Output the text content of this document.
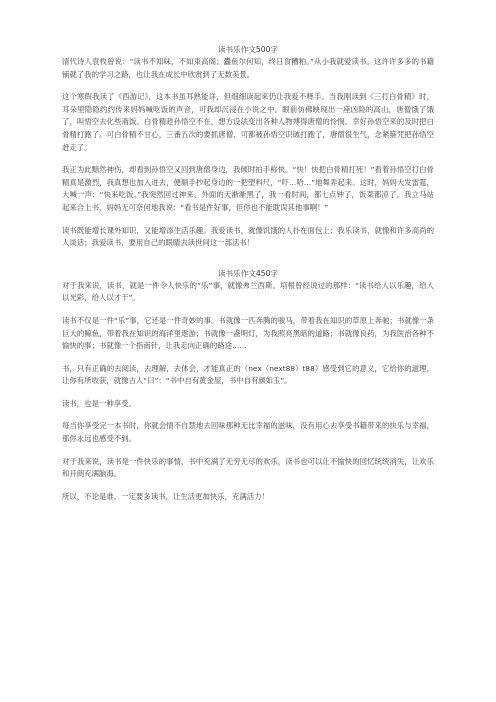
读书乐作文500字

清代诗人袁枚曾说：“读书不知味，不如束高阁；蠹鱼尔何知，终日食糟粕。”从小我就爱读书。这许许多多的书籍铺就了我的学习之路，也让我在成长中欣赏到了无数美景。

这个寒假我读了《西游记》，这本书虽耳熟能详，但细细读起来仍让我爱不释手。当我刚读到《三打白骨精》时，耳朵里隐隐约约传来妈妈喊吃饭的声音，可我却沉浸在小说之中。眼前仿佛映现出一座凶险的高山，唐僧饿了饿了，叫悟空去化些斋饭。白骨精趁孙悟空不在，想方设法变出各种人物博得唐僧的怜悯。幸好孙悟空来的及时把白骨精打跑了。可白骨精不甘心，三番五次的要抓唐僧，可都被孙悟空识破打跑了，唐僧很生气，念紧箍咒把孙悟空赶走了。

我正为此黯然神伤，却看到孙悟空又回到唐僧身边，我倾时拍手称快。“快！快把白骨精打死！”看着孙悟空打白骨精真是激烈，我真想也加入进去，便顺手抄起身边的一把塑料尺，“吓…哈…”地舞弄起来。这时，妈妈大发雷霆，大喊一声：“快来吃饭。”我突然回过神来，外面的天渐渐黑了，我一看时间，都七点钟了，饭菜都凉了。我立马站起来合上书，妈妈无可奈何地我说：“看书是件好事，但你也不能耽误其他事啊！”

读书既能增长课外知识，又能增添生活乐趣。我爱读书，就像饥饿的人扑在面包上；我乐读书，就像和许多高尚的人谈话；我爱读书，要用自己的眼睛去读世间这一部活书！

读书乐作文450字

对于我来说，读书，就是一件令人快乐的“乐”事，就像弗兰西斯。培根曾经说过的那样：“读书给人以乐趣，给人以光彩，给人以才干”。

读书不仅是一件“乐”事，它还是一件奇妙的事。书就像一匹奔腾的骏马，带着我在知识的草原上奔驰；书就像一条巨大的鲸鱼，带着我在知识的海洋里遨游；书就像一盏明灯，为我照亮黑暗的道路；书就像良药，为我医治各种不愉快的事；书就像一个指南针，让我走向正确的路途……

书，只有正确的去阅读，去理解，去体会，才能真正的（nex（next88）t88）感受到它的意义，它给你的道理，让你有所收获，就像古人“曰”：“书中自有黄金屋，书中自有颜如玉”。

读书，也是一种享受。

每当你享受完一本书时，你就会情不自禁地去回味那种无比幸福的滋味，没有用心去享受书籍带来的快乐与幸福，那你永远也感受不到。

对于我来说，读书是一件快乐的事情，书中充满了无穷无尽的欢乐，读书也可以让不愉快的回忆统统消失，让欢乐和开朗充满脑海。

所以，不论是谁，一定要多读书，让生活更加快乐，充满活力！
